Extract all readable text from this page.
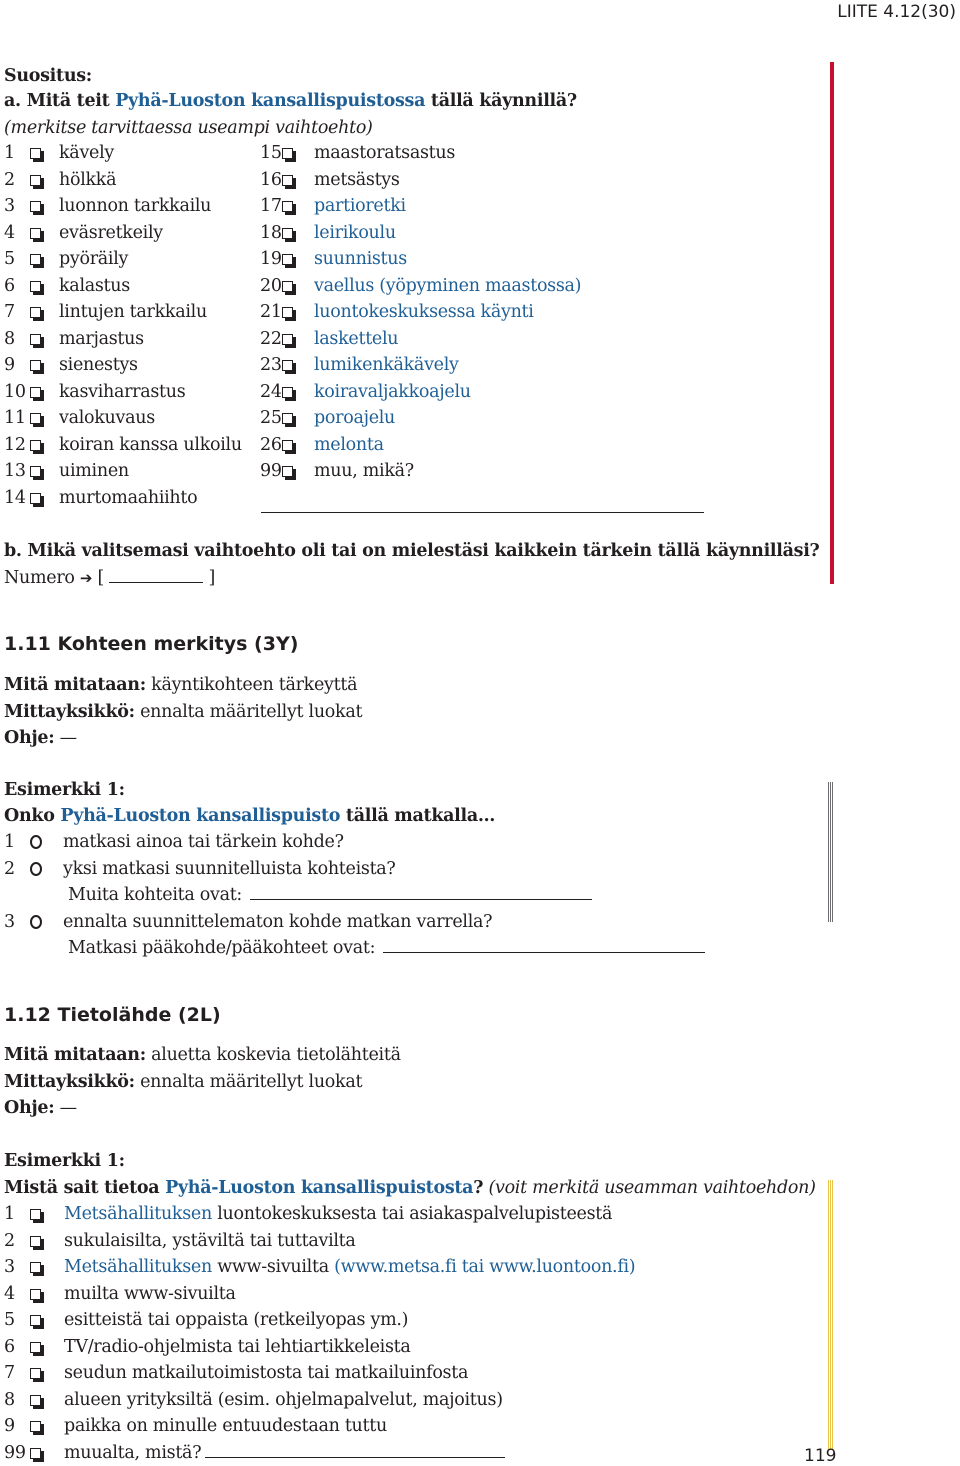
LIITE 4.12(30)
Suositus:
a. Mitä teit Pyhä-Luoston kansallispuistossa tällä käynnillä?
(merkitse tarvittaessa useampi vaihtoehto)
1	kävely
2	hölkkä
3	luonnon tarkkailu
4	eväsretkeily
5	pyöräily
6	kalastus
7	lintujen tarkkailu
8	marjastus
9	sienestys
10 kasviharrastus
11 valokuvaus
12 koiran kanssa ulkoilu
13 uiminen
14 murtomaahiihto
15 maastoratsastus
16 metsästys
17 partioretki
18 leirikoulu
19 suunnistus
20 vaellus (yöpyminen maastossa)
21 luontokeskuksessa käynti
22 laskettelu
23 lumikenkäkävely
24 koiravaljakkoajelu
25 poroajelu
26 melonta
99 muu, mikä?
b. Mikä valitsemasi vaihtoehto oli tai on mielestäsi kaikkein tärkein tällä käynnilläsi?
Numero ➔ [	]
1.11 Kohteen merkitys (3Y)
Mitä mitataan: käyntikohteen tärkeyttä
Mittayksikkö: ennalta määritellyt luokat
Ohje: —
Esimerkki 1:
Onko Pyhä-Luoston kansallispuisto tällä matkalla…
1	matkasi ainoa tai tärkein kohde?
2	yksi matkasi suunnitelluista kohteista?
Muita kohteita ovat:
3	ennalta suunnittelematon kohde matkan varrella?
Matkasi pääkohde/pääkohteet ovat:
1.12 Tietolähde (2L)
Mitä mitataan: aluetta koskevia tietolähteitä
Mittayksikkö: ennalta määritellyt luokat
Ohje: —
Esimerkki 1:
Mistä sait tietoa Pyhä-Luoston kansallispuistosta? (voit merkitä useamman vaihtoehdon)
1	Metsähallituksen luontokeskuksesta tai asiakaspalvelupisteestä
2	sukulaisilta, ystäviltä tai tuttavilta
3	Metsähallituksen www-sivuilta (www.metsa.fi tai www.luontoon.fi)
4	muilta www-sivuilta
5	esitteistä tai oppaista (retkeilyopas ym.)
6	TV/radio-ohjelmista tai lehtiartikkeleista
7	seudun matkailutoimistosta tai matkailuinfosta
8	alueen yrityksiltä (esim. ohjelmapalvelut, majoitus)
9	paikka on minulle entuudestaan tuttu
99 muualta, mistä?	119
